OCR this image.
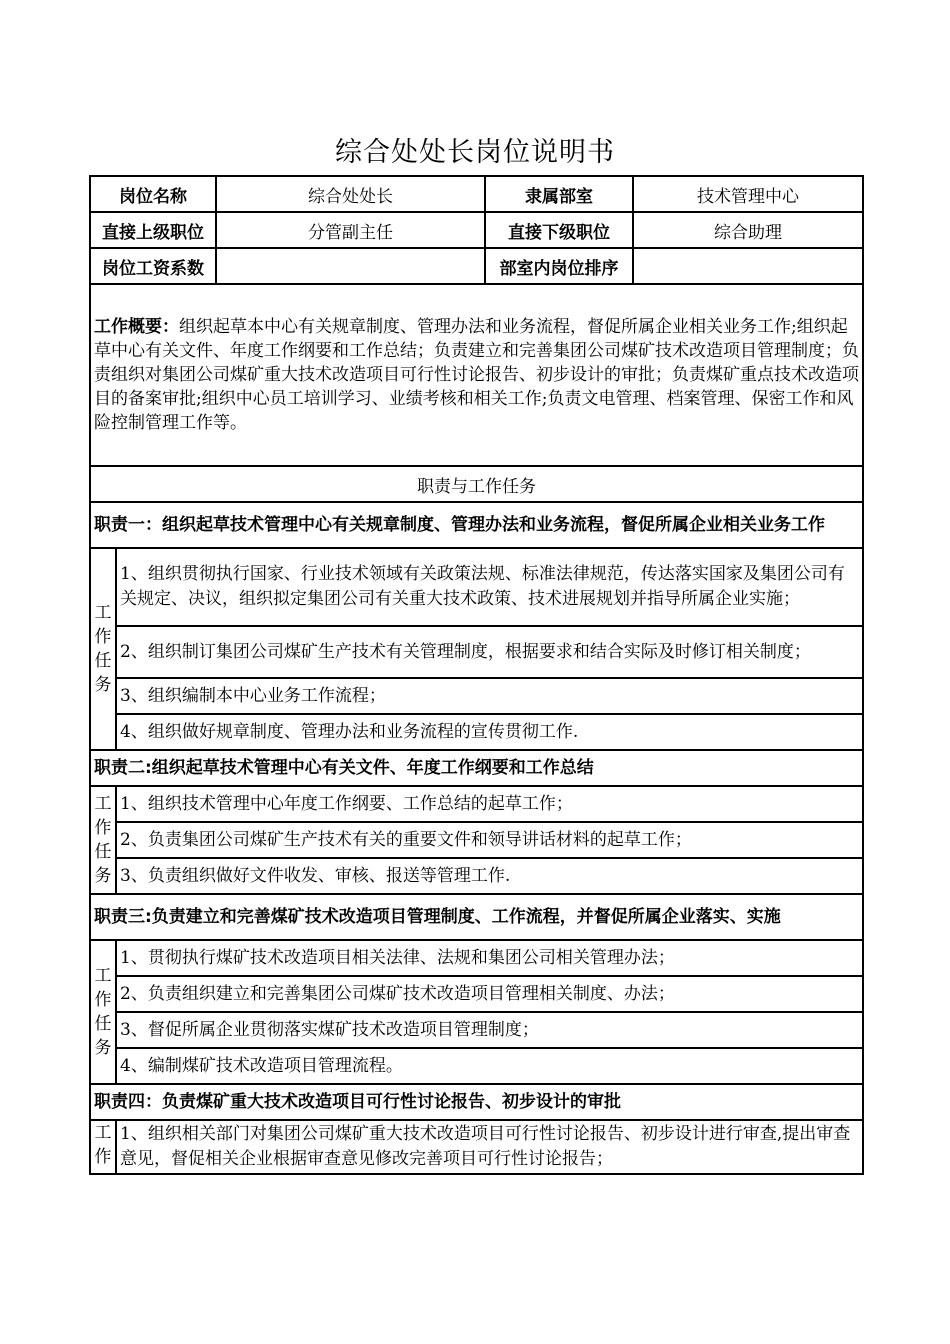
综合处处长岗位说明书
岗位名称		综合处处长	隶属部室	技术管理中心
直接上级职位		分管副主任	直接下级职位	综合助理
岗位工资系数			部室内岗位排序	
工作概要：组织起草本中心有关规章制度、管理办法和业务流程，督促所属企业相关业务工作;组织起草中心有关文件、年度工作纲要和工作总结；负责建立和完善集团公司煤矿技术改造项目管理制度；负责组织对集团公司煤矿重大技术改造项目可行性讨论报告、初步设计的审批；负责煤矿重点技术改造项目的备案审批;组织中心员工培训学习、业绩考核和相关工作;负责文电管理、档案管理、保密工作和风险控制管理工作等。				
职责与工作任务				
职责一：组织起草技术管理中心有关规章制度、管理办法和业务流程，督促所属企业相关业务工作				

工
作
任
务	1、组织贯彻执行国家、行业技术领域有关政策法规、标准法律规范，传达落实国家及集团公司有关规定、决议，组织拟定集团公司有关重大技术政策、技术进展规划并指导所属企业实施；			
	2、组织制订集团公司煤矿生产技术有关管理制度，根据要求和结合实际及时修订相关制度；			
	3、组织编制本中心业务工作流程；			
	4、组织做好规章制度、管理办法和业务流程的宣传贯彻工作.			
职责二:组织起草技术管理中心有关文件、年度工作纲要和工作总结				

工
作
任
务	1、组织技术管理中心年度工作纲要、工作总结的起草工作；			
	2、负责集团公司煤矿生产技术有关的重要文件和领导讲话材料的起草工作；			
	3、负责组织做好文件收发、审核、报送等管理工作.			
职责三:负责建立和完善煤矿技术改造项目管理制度、工作流程，并督促所属企业落实、实施				

工
作
任
务	1、贯彻执行煤矿技术改造项目相关法律、法规和集团公司相关管理办法；			
	2、负责组织建立和完善集团公司煤矿技术改造项目管理相关制度、办法；			
	3、督促所属企业贯彻落实煤矿技术改造项目管理制度；			
	4、编制煤矿技术改造项目管理流程。			
职责四：负责煤矿重大技术改造项目可行性讨论报告、初步设计的审批				

工
作	1、组织相关部门对集团公司煤矿重大技术改造项目可行性讨论报告、初步设计进行审查,提出审查意见，督促相关企业根据审查意见修改完善项目可行性讨论报告；			
